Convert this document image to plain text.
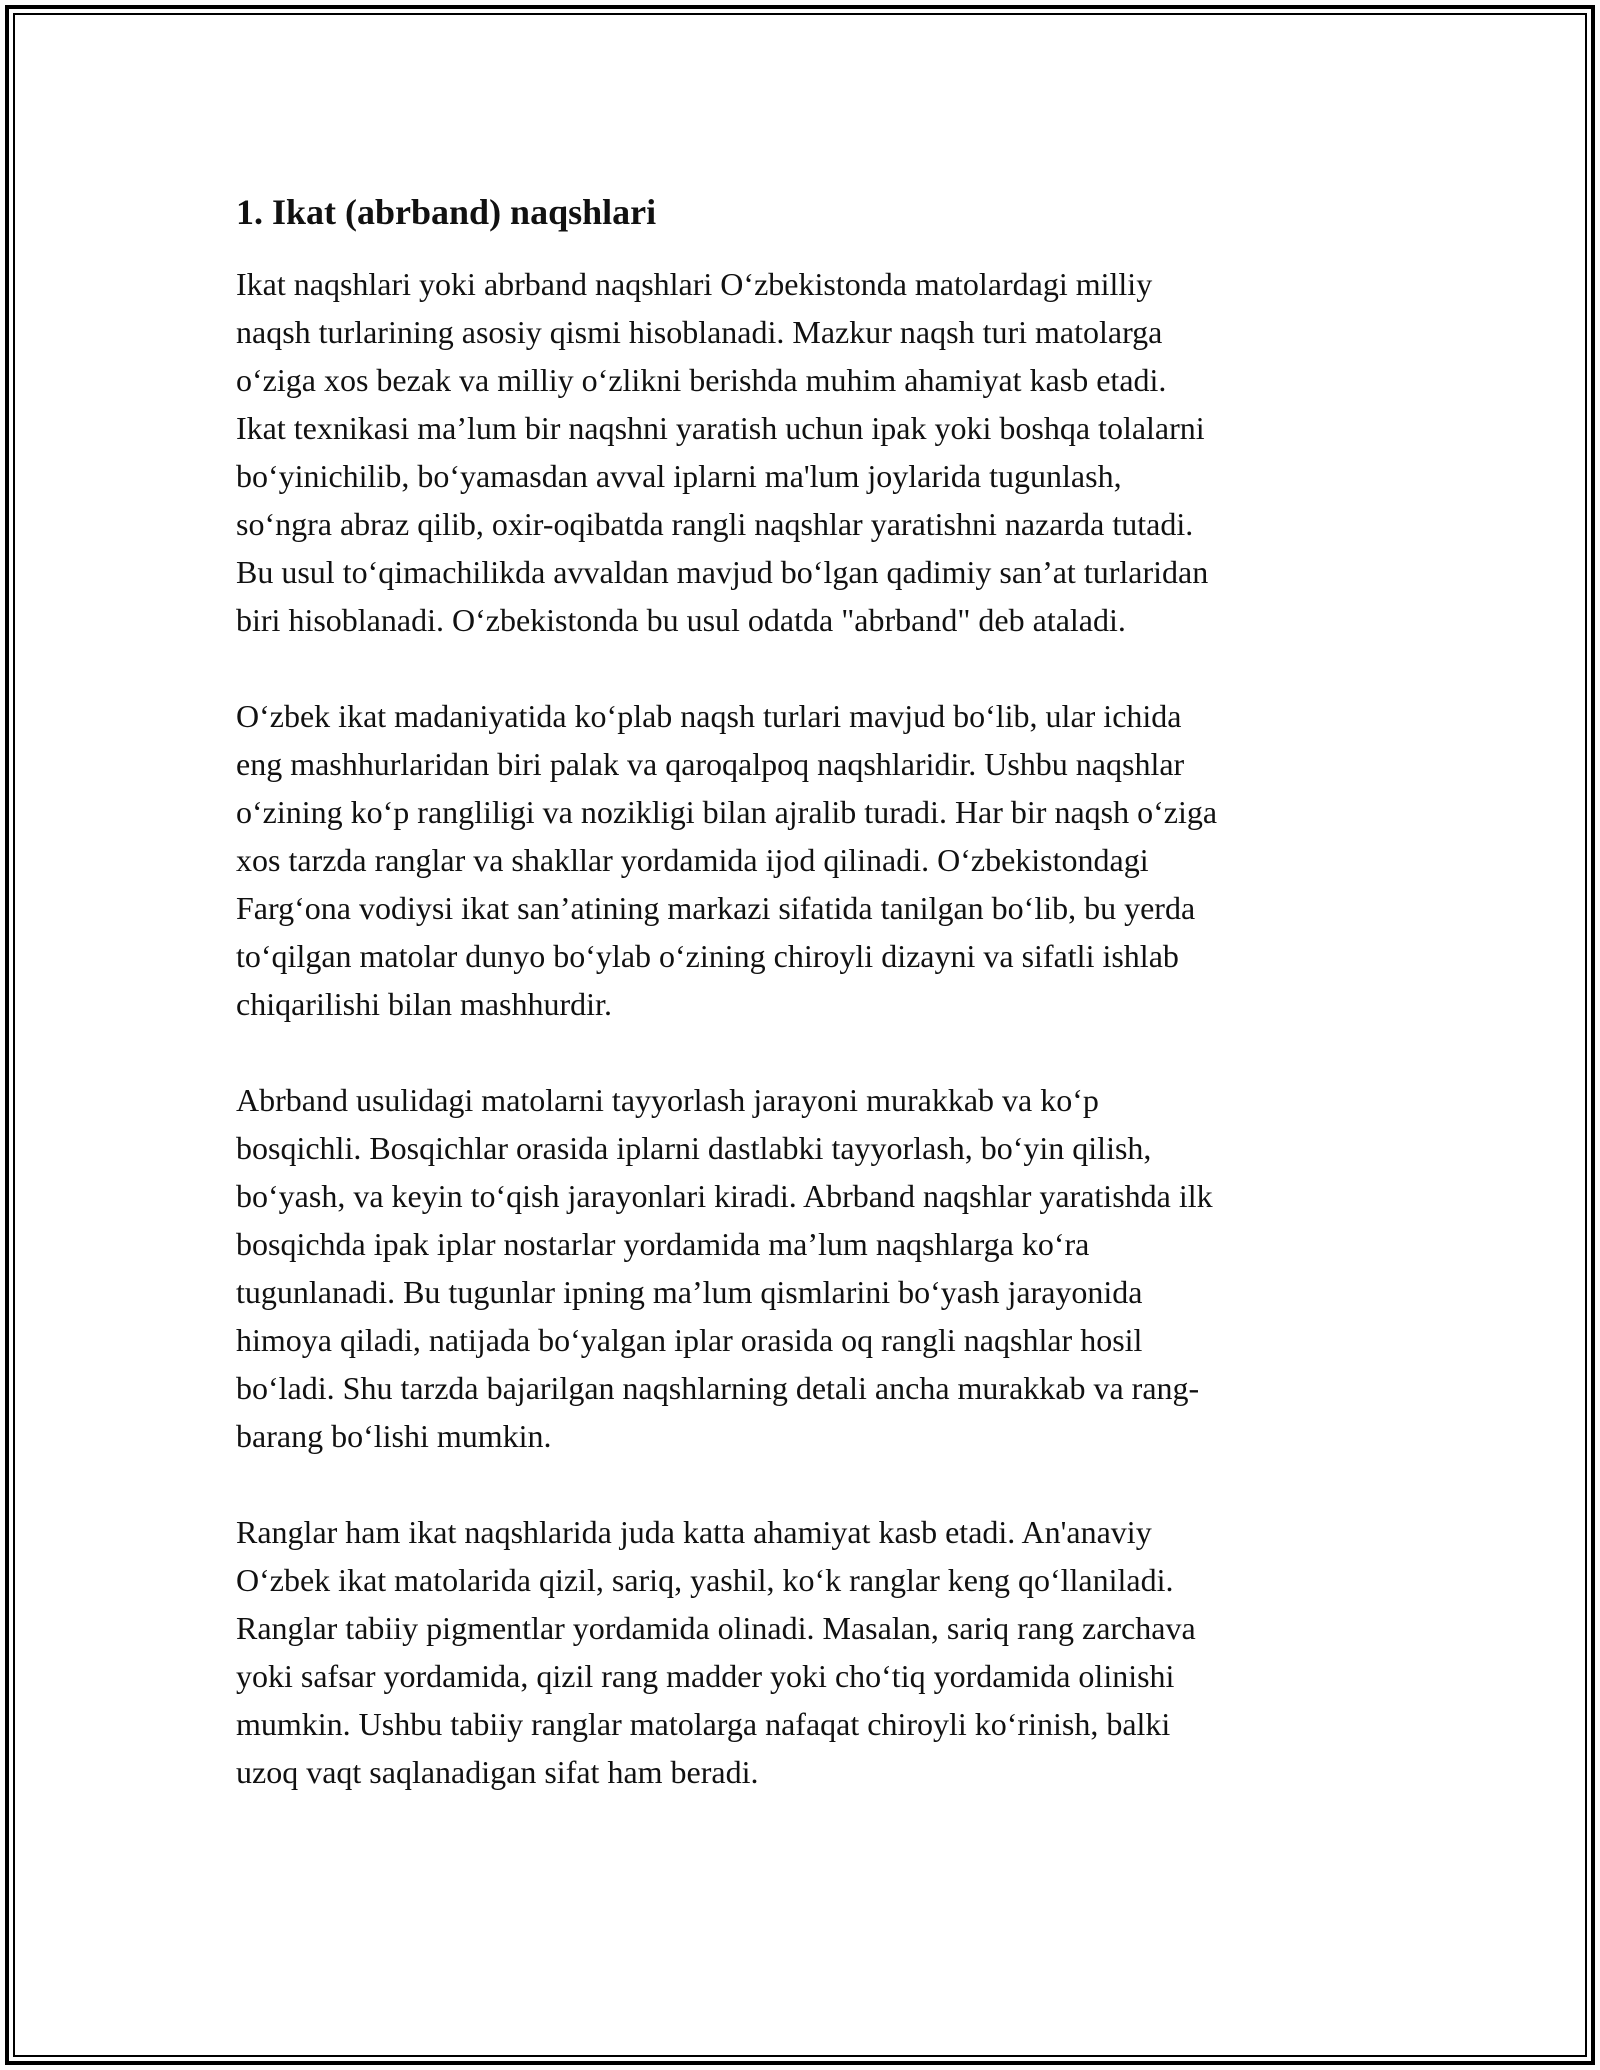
1. Ikat (abrband) naqshlari

Ikat naqshlari yoki abrband naqshlari O‘zbekistonda matolardagi milliy
naqsh turlarining asosiy qismi hisoblanadi. Mazkur naqsh turi matolarga
o‘ziga xos bezak va milliy o‘zlikni berishda muhim ahamiyat kasb etadi.
Ikat texnikasi ma’lum bir naqshni yaratish uchun ipak yoki boshqa tolalarni
bo‘yinichilib, bo‘yamasdan avval iplarni ma'lum joylarida tugunlash,
so‘ngra abraz qilib, oxir-oqibatda rangli naqshlar yaratishni nazarda tutadi.
Bu usul to‘qimachilikda avvaldan mavjud bo‘lgan qadimiy san’at turlaridan
biri hisoblanadi. O‘zbekistonda bu usul odatda "abrband" deb ataladi.

O‘zbek ikat madaniyatida ko‘plab naqsh turlari mavjud bo‘lib, ular ichida
eng mashhurlaridan biri palak va qaroqalpoq naqshlaridir. Ushbu naqshlar
o‘zining ko‘p rangliligi va nozikligi bilan ajralib turadi. Har bir naqsh o‘ziga
xos tarzda ranglar va shakllar yordamida ijod qilinadi. O‘zbekistondagi
Farg‘ona vodiysi ikat san’atining markazi sifatida tanilgan bo‘lib, bu yerda
to‘qilgan matolar dunyo bo‘ylab o‘zining chiroyli dizayni va sifatli ishlab
chiqarilishi bilan mashhurdir.

Abrband usulidagi matolarni tayyorlash jarayoni murakkab va ko‘p
bosqichli. Bosqichlar orasida iplarni dastlabki tayyorlash, bo‘yin qilish,
bo‘yash, va keyin to‘qish jarayonlari kiradi. Abrband naqshlar yaratishda ilk
bosqichda ipak iplar nostarlar yordamida ma’lum naqshlarga ko‘ra
tugunlanadi. Bu tugunlar ipning ma’lum qismlarini bo‘yash jarayonida
himoya qiladi, natijada bo‘yalgan iplar orasida oq rangli naqshlar hosil
bo‘ladi. Shu tarzda bajarilgan naqshlarning detali ancha murakkab va rang-
barang bo‘lishi mumkin.

Ranglar ham ikat naqshlarida juda katta ahamiyat kasb etadi. An'anaviy
O‘zbek ikat matolarida qizil, sariq, yashil, ko‘k ranglar keng qo‘llaniladi.
Ranglar tabiiy pigmentlar yordamida olinadi. Masalan, sariq rang zarchava
yoki safsar yordamida, qizil rang madder yoki cho‘tiq yordamida olinishi
mumkin. Ushbu tabiiy ranglar matolarga nafaqat chiroyli ko‘rinish, balki
uzoq vaqt saqlanadigan sifat ham beradi.
